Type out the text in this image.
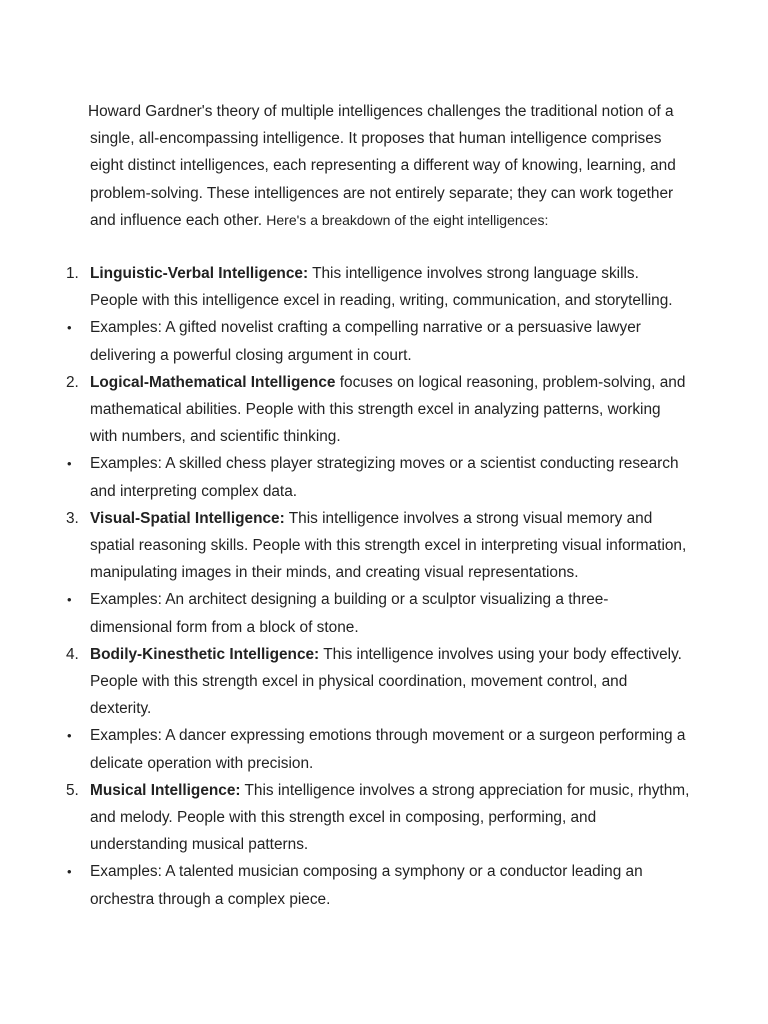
Howard Gardner's theory of multiple intelligences challenges the traditional notion of a single, all-encompassing intelligence. It proposes that human intelligence comprises eight distinct intelligences, each representing a different way of knowing, learning, and problem-solving. These intelligences are not entirely separate; they can work together and influence each other. Here's a breakdown of the eight intelligences:

1. Linguistic-Verbal Intelligence: This intelligence involves strong language skills. People with this intelligence excel in reading, writing, communication, and storytelling.
•	Examples: A gifted novelist crafting a compelling narrative or a persuasive lawyer delivering a powerful closing argument in court.
2. Logical-Mathematical Intelligence focuses on logical reasoning, problem-solving, and mathematical abilities. People with this strength excel in analyzing patterns, working with numbers, and scientific thinking.
•	Examples: A skilled chess player strategizing moves or a scientist conducting research and interpreting complex data.
3. Visual-Spatial Intelligence: This intelligence involves a strong visual memory and spatial reasoning skills. People with this strength excel in interpreting visual information, manipulating images in their minds, and creating visual representations.
•	Examples: An architect designing a building or a sculptor visualizing a three-dimensional form from a block of stone.
4. Bodily-Kinesthetic Intelligence: This intelligence involves using your body effectively. People with this strength excel in physical coordination, movement control, and dexterity.
•	Examples: A dancer expressing emotions through movement or a surgeon performing a delicate operation with precision.
5. Musical Intelligence: This intelligence involves a strong appreciation for music, rhythm, and melody. People with this strength excel in composing, performing, and understanding musical patterns.
•	Examples: A talented musician composing a symphony or a conductor leading an orchestra through a complex piece.
